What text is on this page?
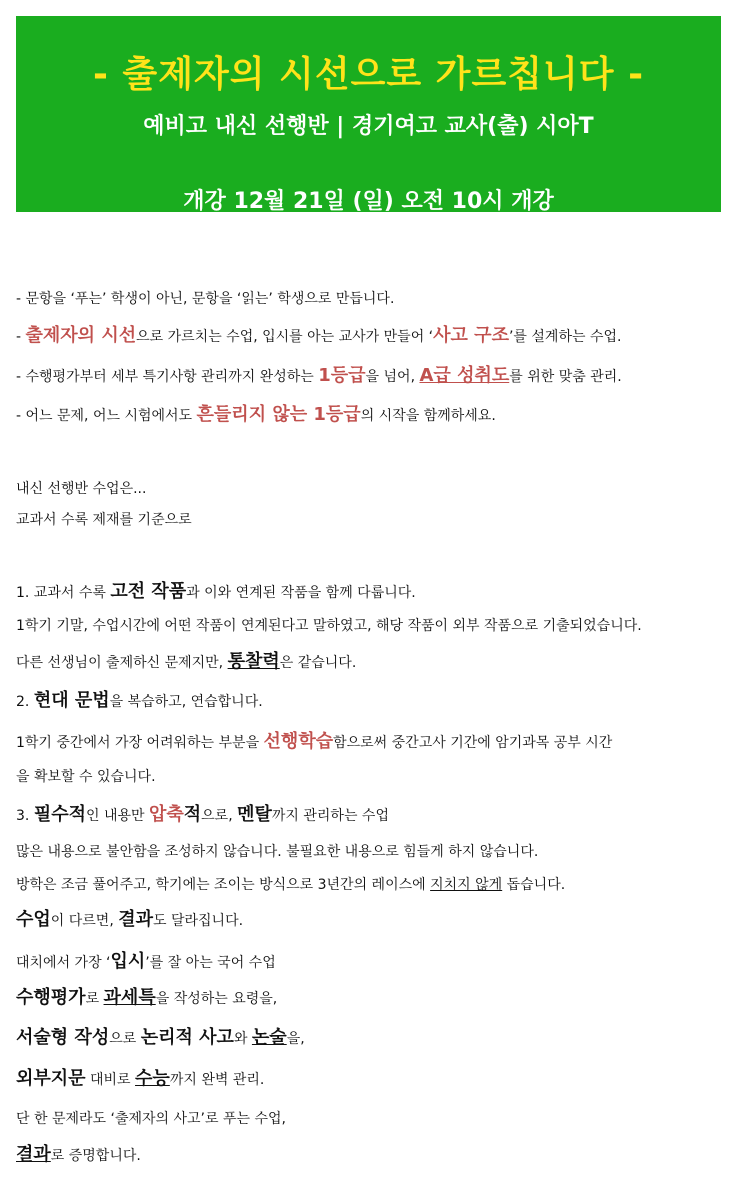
- 출제자의 시선으로 가르칩니다 -
예비고 내신 선행반 | 경기여고 교사(출) 시아T
개강 12월 21일 (일) 오전 10시 개강
- 문항을 ‘푸는’ 학생이 아닌, 문항을 ‘읽는’ 학생으로 만듭니다.
- 출제자의 시선으로 가르치는 수업, 입시를 아는 교사가 만들어 ‘사고 구조’를 설계하는 수업.
- 수행평가부터 세부 특기사항 관리까지 완성하는 1등급을 넘어, A급 성취도를 위한 맞춤 관리.
- 어느 문제, 어느 시험에서도 흔들리지 않는 1등급의 시작을 함께하세요.
내신 선행반 수업은...
교과서 수록 제재를 기준으로
1. 교과서 수록 고전 작품과 이와 연계된 작품을 함께 다룹니다.
1학기 기말, 수업시간에 어떤 작품이 연계된다고 말하였고, 해당 작품이 외부 작품으로 기출되었습니다.
다른 선생님이 출제하신 문제지만, 통찰력은 같습니다.
2. 현대 문법을 복습하고, 연습합니다.
1학기 중간에서 가장 어려워하는 부분을 선행학습함으로써 중간고사 기간에 암기과목 공부 시간
을 확보할 수 있습니다.
3. 필수적인 내용만 압축적으로, 멘탈까지 관리하는 수업
많은 내용으로 불안함을 조성하지 않습니다. 불필요한 내용으로 힘들게 하지 않습니다.
방학은 조금 풀어주고, 학기에는 조이는 방식으로 3년간의 레이스에 지치지 않게 돕습니다.
수업이 다르면, 결과도 달라집니다.
대치에서 가장 ‘입시’를 잘 아는 국어 수업
수행평가로 과세특을 작성하는 요령을,
서술형 작성으로 논리적 사고와 논술을,
외부지문 대비로 수능까지 완벽 관리.
단 한 문제라도 ‘출제자의 사고’로 푸는 수업,
결과로 증명합니다.
